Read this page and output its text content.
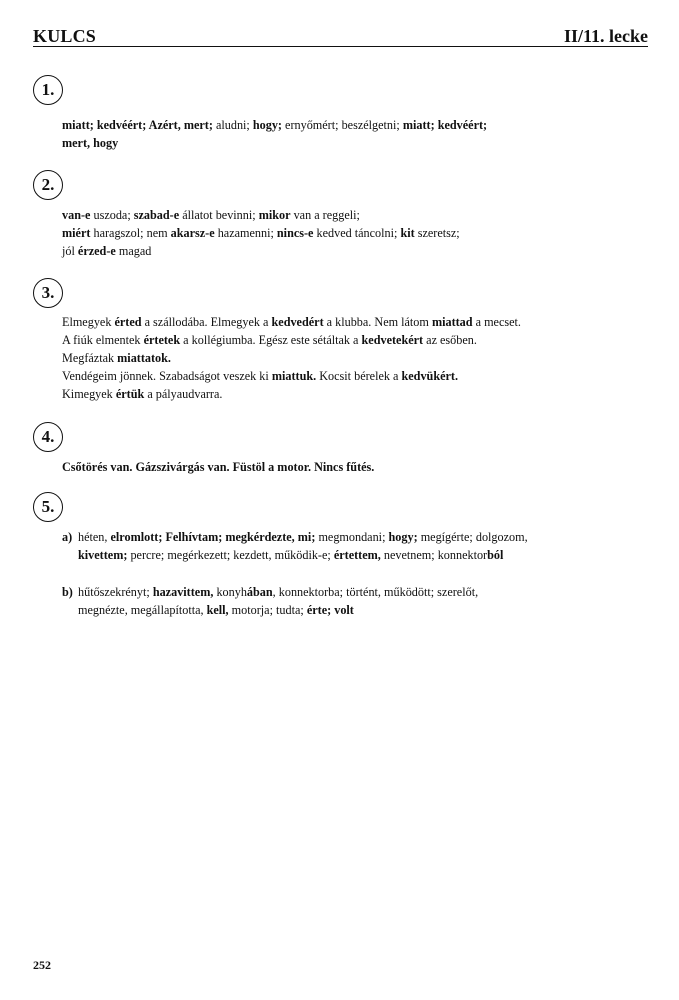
KULCS	II/11. lecke
1.
miatt; kedvéért; Azért, mert; aludni; hogy; ernyőmért; beszélgetni; miatt; kedvéért;
mert, hogy
2.
van-e uszoda; szabad-e állatot bevinni; mikor van a reggeli;
miért haragszol; nem akarsz-e hazamenni; nincs-e kedved táncolni; kit szeretsz;
jól érzed-e magad
3.
Elmegyek érted a szállodába. Elmegyek a kedvedért a klubba. Nem látom miattad a mecset.
A fiúk elmentek értetek a kollégiumba. Egész este sétáltak a kedvetekért az esőben.
Megfáztak miattatok.
Vendégeim jönnek. Szabadságot veszek ki miattuk. Kocsit bérelek a kedvükért.
Kimegyek értük a pályaudvarra.
4.
Csőtörés van. Gázszivárgás van. Füstöl a motor. Nincs fűtés.
5.
a) héten, elromlott; Felhívtam; megkérdezte, mi; megmondani; hogy; megígérte; dolgozom,
kivettem; percre; megérkezett; kezdett, működik-e; értettem, nevetnem; konnektorból
b) hűtőszekrényt; hazavittem, konyhában, konnektorba; történt, működött; szerelőt,
megnézte, megállapította, kell, motorja; tudta; érte; volt
252
